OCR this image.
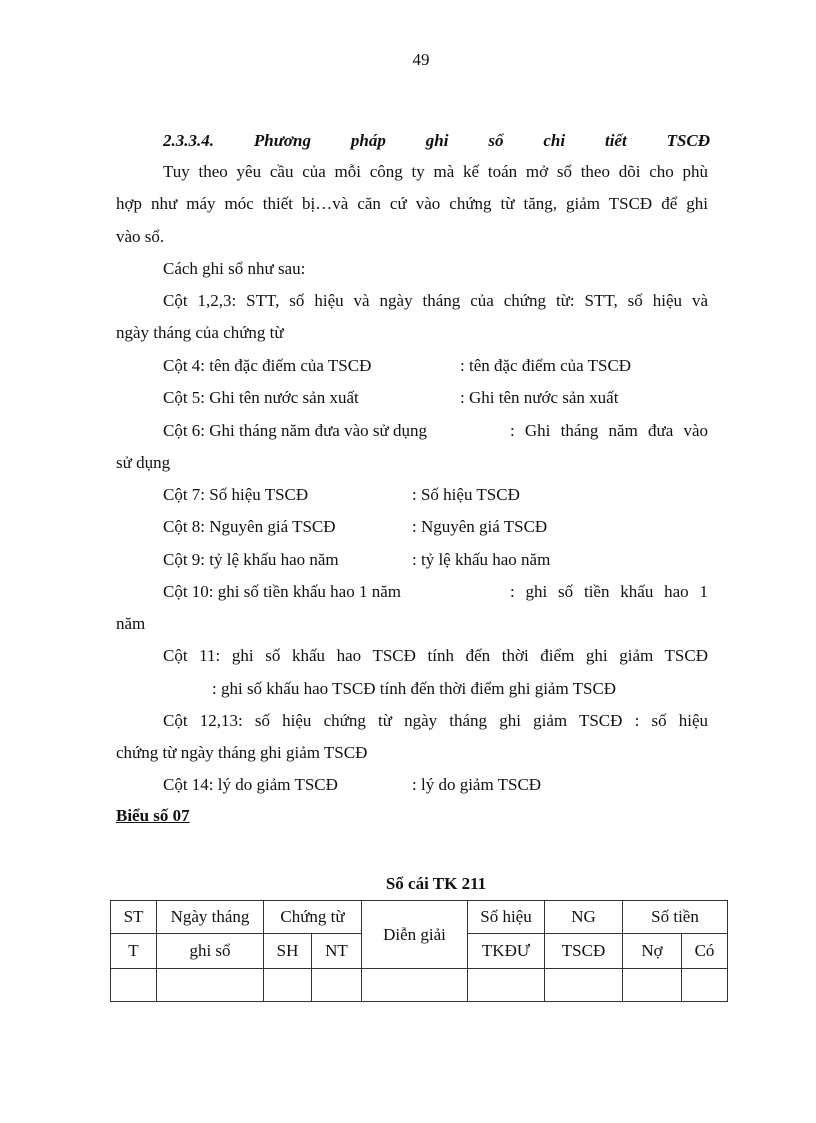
49
2.3.3.4. Phương pháp ghi sổ chi tiết TSCĐ
Tuy theo yêu cầu của mỗi công ty mà kế toán mở sổ theo dõi cho phù
hợp như máy móc thiết bị…và căn cứ vào chứng từ tăng, giảm TSCĐ để ghi
vào sổ.
Cách ghi sổ như sau:
Cột 1,2,3: STT, số hiệu và ngày tháng của chứng từ: STT, số hiệu và
ngày tháng của chứng từ
Cột 4: tên đặc điểm của TSCĐ	: tên đặc điểm của TSCĐ
Cột 5: Ghi tên nước sản xuất	: Ghi tên nước sản xuất
Cột 6: Ghi tháng năm đưa vào sử dụng	: Ghi tháng năm đưa vào
sử dụng
Cột 7: Số hiệu TSCĐ	: Số hiệu TSCĐ
Cột 8: Nguyên giá TSCĐ	: Nguyên giá TSCĐ
Cột 9: tỷ lệ khấu hao năm	: tỷ lệ khấu hao năm
Cột 10: ghi số tiền khấu hao 1 năm	: ghi số tiền khấu hao 1
năm
Cột 11: ghi số khấu hao TSCĐ tính đến thời điểm ghi giảm TSCĐ
: ghi số khấu hao TSCĐ tính đến thời điểm ghi giảm TSCĐ
Cột 12,13: số hiệu chứng từ ngày tháng ghi giảm TSCĐ : số hiệu
chứng từ ngày tháng ghi giảm TSCĐ
Cột 14: lý do giảm TSCĐ	: lý do giảm TSCĐ
Biểu số 07
Sổ cái TK 211
ST	Ngày tháng	Chứng từ		Diễn giải	Số hiệu	NG	Số tiền	
T	ghi sổ	SH	NT		TKĐƯ	TSCĐ	Nợ	Có
